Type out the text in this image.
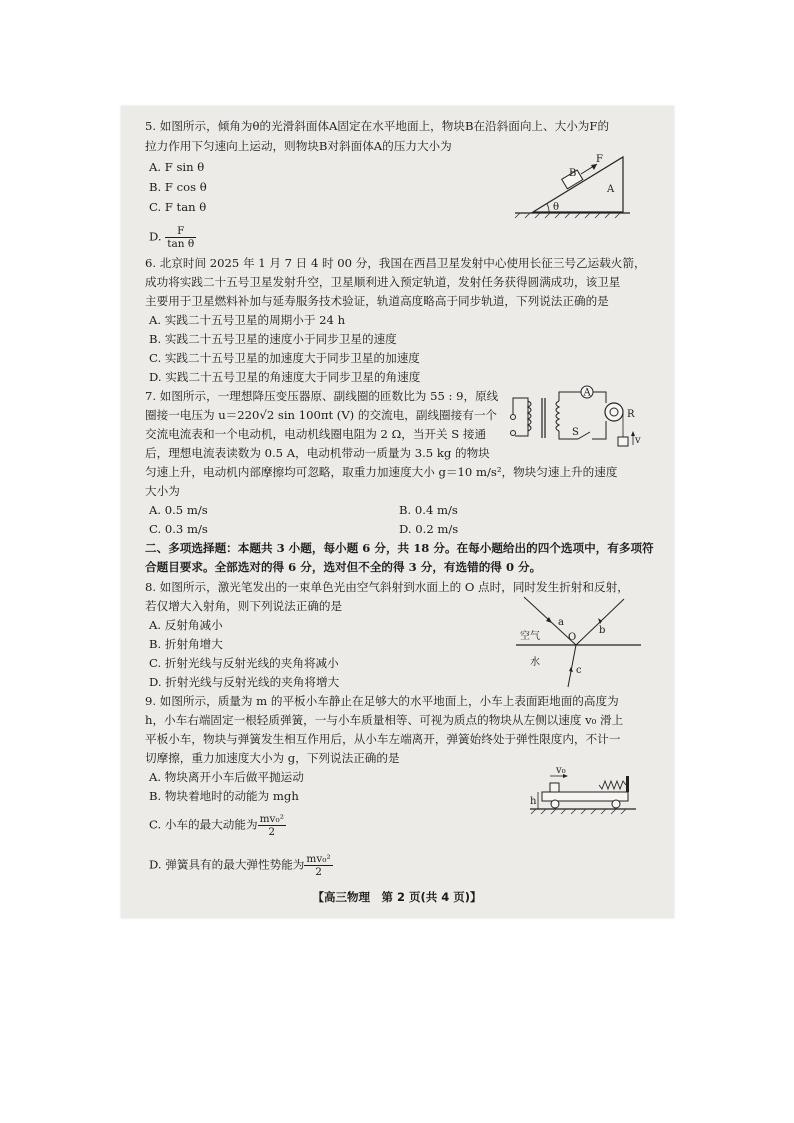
5. 如图所示，倾角为θ的光滑斜面体A固定在水平地面上，物块B在沿斜面向上、大小为F的
拉力作用下匀速向上运动，则物块B对斜面体A的压力大小为
A. F sin θ
B. F cos θ
C. F tan θ
D. $\frac{F}{\text{tan θ}}$
B
F
A
θ
6. 北京时间 2025 年 1 月 7 日 4 时 00 分，我国在西昌卫星发射中心使用长征三号乙运载火箭，
成功将实践二十五号卫星发射升空，卫星顺利进入预定轨道，发射任务获得圆满成功，该卫星
主要用于卫星燃料补加与延寿服务技术验证，轨道高度略高于同步轨道，下列说法正确的是
A. 实践二十五号卫星的周期小于 24 h
B. 实践二十五号卫星的速度小于同步卫星的速度
C. 实践二十五号卫星的加速度大于同步卫星的加速度
D. 实践二十五号卫星的角速度大于同步卫星的角速度
7. 如图所示，一理想降压变压器原、副线圈的匝数比为 55 : 9，原线
圈接一电压为 u＝220√2 sin 100πt (V) 的交流电，副线圈接有一个
交流电流表和一个电动机，电动机线圈电阻为 2 Ω，当开关 S 接通
后，理想电流表读数为 0.5 A，电动机带动一质量为 3.5 kg 的物块
匀速上升，电动机内部摩擦均可忽略，取重力加速度大小 g＝10 m/s²，物块匀速上升的速度
大小为
A. 0.5 m/s	B. 0.4 m/s
C. 0.3 m/s	D. 0.2 m/s
A
S
R
v
二、多项选择题：本题共 3 小题，每小题 6 分，共 18 分。在每小题给出的四个选项中，有多项符
合题目要求。全部选对的得 6 分，选对但不全的得 3 分，有选错的得 0 分。
8. 如图所示，激光笔发出的一束单色光由空气斜射到水面上的 O 点时，同时发生折射和反射，
若仅增大入射角，则下列说法正确的是
A. 反射角减小
B. 折射角增大
C. 折射光线与反射光线的夹角将减小
D. 折射光线与反射光线的夹角将增大
空气
水
O
a
b
c
9. 如图所示，质量为 m 的平板小车静止在足够大的水平地面上，小车上表面距地面的高度为
h，小车右端固定一根轻质弹簧，一与小车质量相等、可视为质点的物块从左侧以速度 v₀ 滑上
平板小车，物块与弹簧发生相互作用后，从小车左端离开，弹簧始终处于弹性限度内，不计一
切摩擦，重力加速度大小为 g，下列说法正确的是
A. 物块离开小车后做平抛运动
B. 物块着地时的动能为 mgh
C. 小车的最大动能为 $\frac{\text{mv₀²}}{2}$
D. 弹簧具有的最大弹性势能为 $\frac{\text{mv₀²}}{2}$
v₀
h
【高三物理　第 2 页(共 4 页)】
